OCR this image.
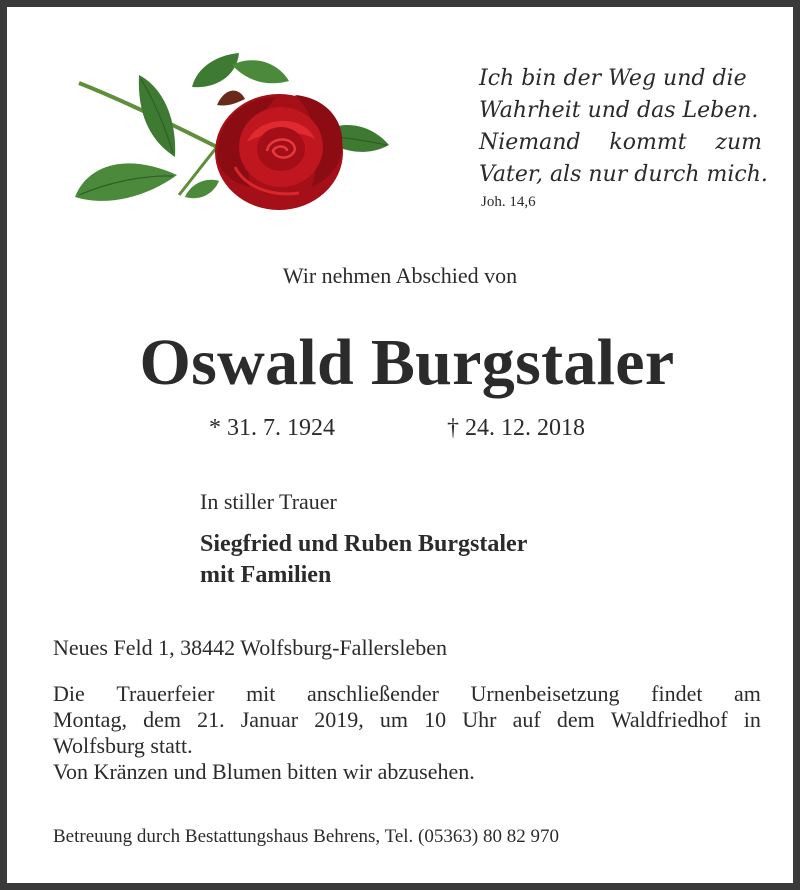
Ich bin der Weg und die
Wahrheit und das Leben.
Niemand kommt zum
Vater, als nur durch mich.
Joh. 14,6
Wir nehmen Abschied von
Oswald Burgstaler
* 31. 7. 1924	† 24. 12. 2018
In stiller Trauer
Siegfried und Ruben Burgstaler
mit Familien
Neues Feld 1, 38442 Wolfsburg-Fallersleben
Die Trauerfeier mit anschließender Urnenbeisetzung findet am
Montag, dem 21. Januar 2019, um 10 Uhr auf dem Waldfriedhof in
Wolfsburg statt.
Von Kränzen und Blumen bitten wir abzusehen.
Betreuung durch Bestattungshaus Behrens, Tel. (05363) 80 82 970
